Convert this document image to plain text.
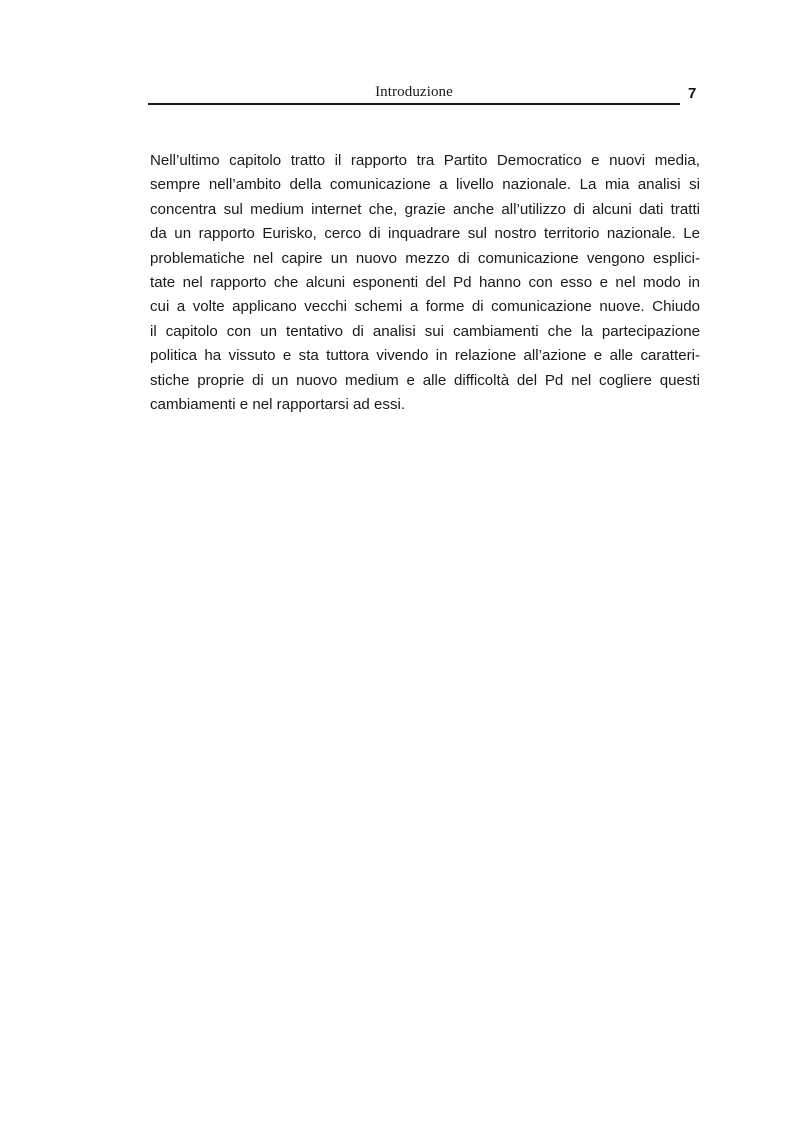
Introduzione	7
Nell’ultimo capitolo tratto il rapporto tra Partito Democratico e nuovi media,
sempre nell’ambito della comunicazione a livello nazionale. La mia analisi si
concentra sul medium internet che, grazie anche all’utilizzo di alcuni dati tratti
da un rapporto Eurisko, cerco di inquadrare sul nostro territorio nazionale. Le
problematiche nel capire un nuovo mezzo di comunicazione vengono esplici-
tate nel rapporto che alcuni esponenti del Pd hanno con esso e nel modo in
cui a volte applicano vecchi schemi a forme di comunicazione nuove. Chiudo
il capitolo con un tentativo di analisi sui cambiamenti che la partecipazione
politica ha vissuto e sta tuttora vivendo in relazione all’azione e alle caratteri-
stiche proprie di un nuovo medium e alle difficoltà del Pd nel cogliere questi
cambiamenti e nel rapportarsi ad essi.
